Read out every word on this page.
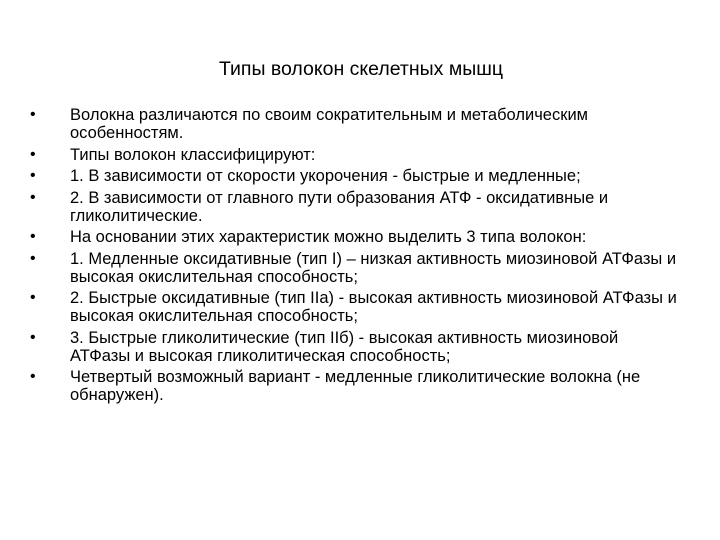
Типы волокон скелетных мышц
•	Волокна различаются по своим сократительным и метаболическим особенностям.
•	Типы волокон классифицируют:
•	1. В зависимости от скорости укорочения - быстрые и медленные;
•	2. В зависимости от главного пути образования АТФ - оксидативные и гликолитические.
•	На основании этих характеристик можно выделить 3 типа волокон:
•	1. Медленные оксидативные (тип I) – низкая активность миозиновой АТФазы и высокая окислительная способность;
•	2. Быстрые оксидативные (тип IIa) - высокая активность миозиновой АТФазы и высокая окислительная способность;
•	3. Быстрые гликолитические (тип IIб) - высокая активность миозиновой АТФазы и высокая гликолитическая способность;
•	Четвертый возможный вариант - медленные гликолитические волокна (не обнаружен).
